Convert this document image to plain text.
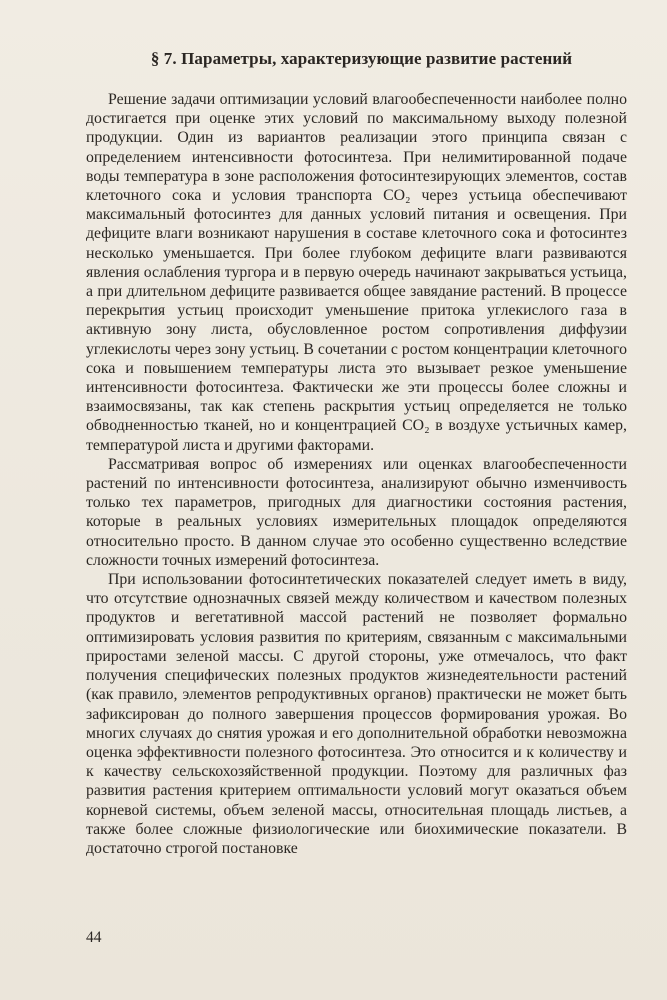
§ 7. Параметры, характеризующие развитие растений

Решение задачи оптимизации условий влагообеспеченности наиболее полно достигается при оценке этих условий по максимальному выходу полезной продукции. Один из вариантов реализации этого принципа связан с определением интенсивности фотосинтеза. При нелимитированной подаче воды температура в зоне расположения фотосинтезирующих элементов, состав клеточного сока и условия транспорта CO₂ через устьица обеспечивают максимальный фотосинтез для данных условий питания и освещения. При дефиците влаги возникают нарушения в составе клеточного сока и фотосинтез несколько уменьшается. При более глубоком дефиците влаги развиваются явления ослабления тургора и в первую очередь начинают закрываться устьица, а при длительном дефиците развивается общее завядание растений. В процессе перекрытия устьиц происходит уменьшение притока углекислого газа в активную зону листа, обусловленное ростом сопротивления диффузии углекислоты через зону устьиц. В сочетании с ростом концентрации клеточного сока и повышением температуры листа это вызывает резкое уменьшение интенсивности фотосинтеза. Фактически же эти процессы более сложны и взаимосвязаны, так как степень раскрытия устьиц определяется не только обводненностью тканей, но и концентрацией CO₂ в воздухе устьичных камер, температурой листа и другими факторами.

Рассматривая вопрос об измерениях или оценках влагообеспеченности растений по интенсивности фотосинтеза, анализируют обычно изменчивость только тех параметров, пригодных для диагностики состояния растения, которые в реальных условиях измерительных площадок определяются относительно просто. В данном случае это особенно существенно вследствие сложности точных измерений фотосинтеза.

При использовании фотосинтетических показателей следует иметь в виду, что отсутствие однозначных связей между количеством и качеством полезных продуктов и вегетативной массой растений не позволяет формально оптимизировать условия развития по критериям, связанным с максимальными приростами зеленой массы. С другой стороны, уже отмечалось, что факт получения специфических полезных продуктов жизнедеятельности растений (как правило, элементов репродуктивных органов) практически не может быть зафиксирован до полного завершения процессов формирования урожая. Во многих случаях до снятия урожая и его дополнительной обработки невозможна оценка эффективности полезного фотосинтеза. Это относится и к количеству и к качеству сельскохозяйственной продукции. Поэтому для различных фаз развития растения критерием оптимальности условий могут оказаться объем корневой системы, объем зеленой массы, относительная площадь листьев, а также более сложные физиологические или биохимические показатели. В достаточно строгой постановке

44
